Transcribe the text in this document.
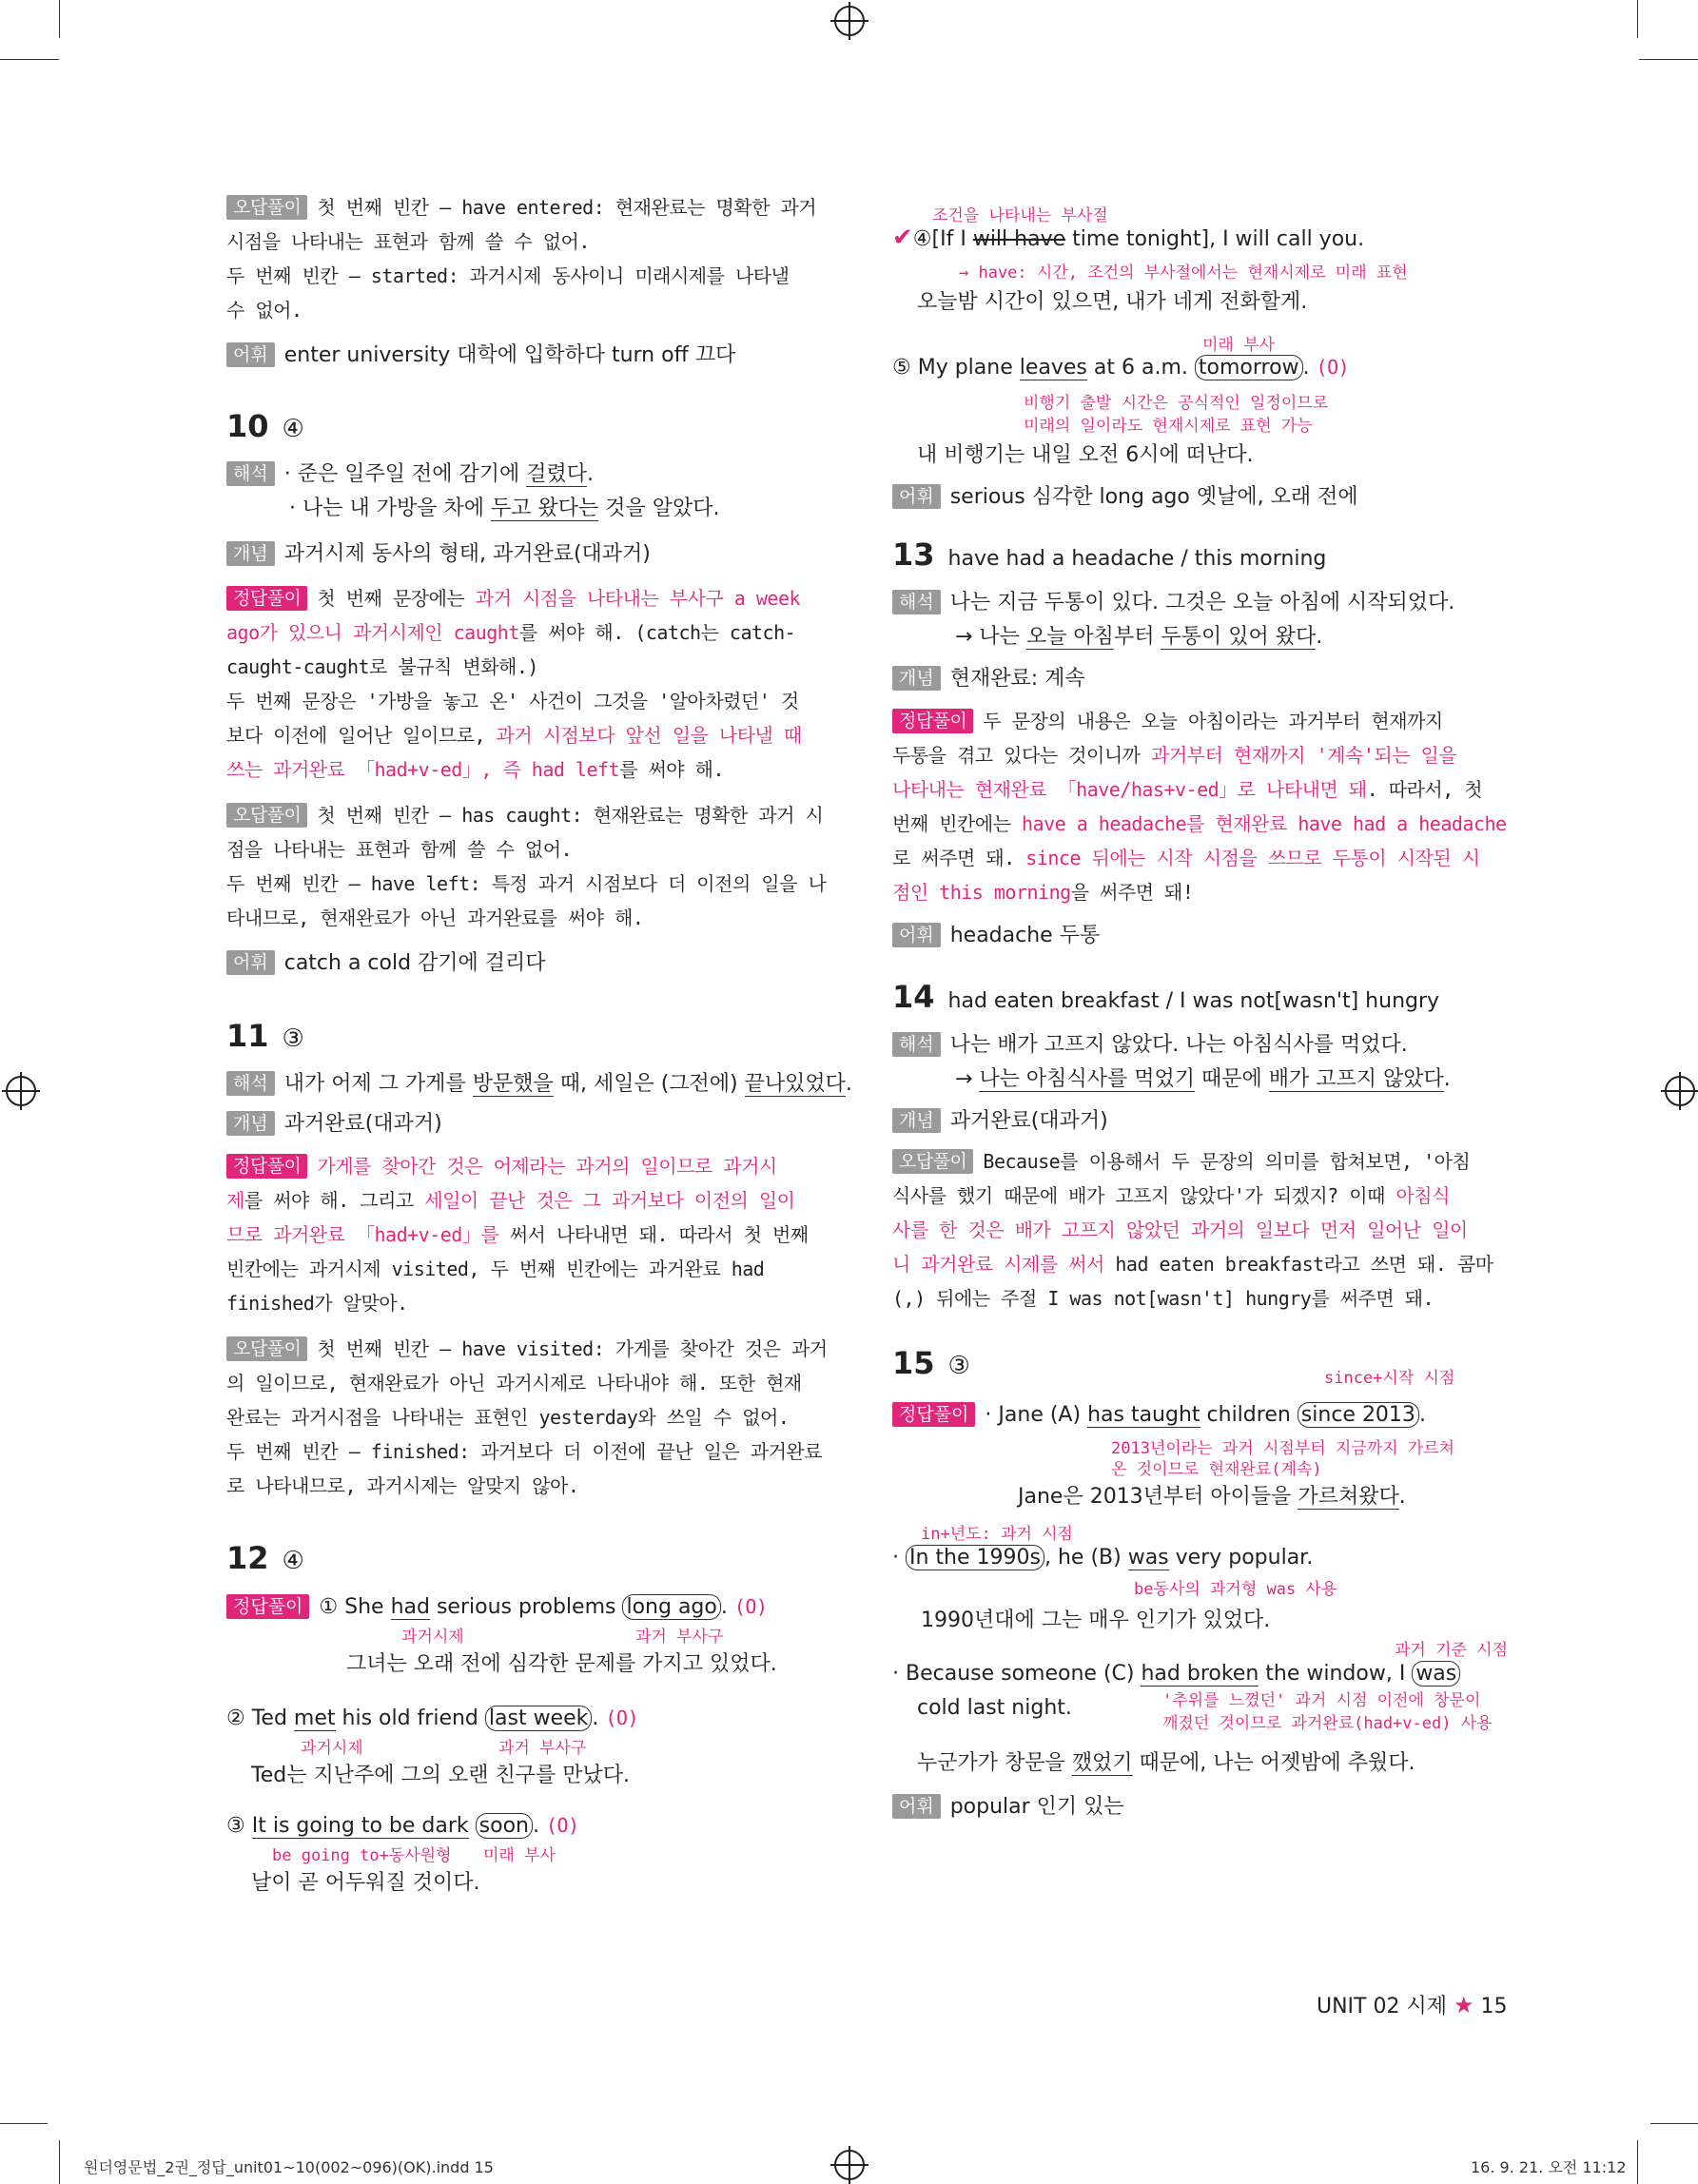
오답풀이 첫 번째 빈칸 – have entered: 현재완료는 명확한 과거
시점을 나타내는 표현과 함께 쓸 수 없어.
두 번째 빈칸 – started: 과거시제 동사이니 미래시제를 나타낼
수 없어.
어휘 enter university 대학에 입학하다 turn off 끄다
10 ④
해석 · 준은 일주일 전에 감기에 걸렸다.
· 나는 내 가방을 차에 두고 왔다는 것을 알았다.
개념 과거시제 동사의 형태, 과거완료(대과거)
정답풀이 첫 번째 문장에는 과거 시점을 나타내는 부사구 a week
ago가 있으니 과거시제인 caught를 써야 해. (catch는 catch-
caught-caught로 불규칙 변화해.)
두 번째 문장은 '가방을 놓고 온' 사건이 그것을 '알아차렸던' 것
보다 이전에 일어난 일이므로, 과거 시점보다 앞선 일을 나타낼 때
쓰는 과거완료 「had+v-ed」, 즉 had left를 써야 해.
오답풀이 첫 번째 빈칸 – has caught: 현재완료는 명확한 과거 시
점을 나타내는 표현과 함께 쓸 수 없어.
두 번째 빈칸 – have left: 특정 과거 시점보다 더 이전의 일을 나
타내므로, 현재완료가 아닌 과거완료를 써야 해.
어휘 catch a cold 감기에 걸리다
11 ③
해석 내가 어제 그 가게를 방문했을 때, 세일은 (그전에) 끝나있었다.
개념 과거완료(대과거)
정답풀이 가게를 찾아간 것은 어제라는 과거의 일이므로 과거시
제를 써야 해. 그리고 세일이 끝난 것은 그 과거보다 이전의 일이
므로 과거완료 「had+v-ed」를 써서 나타내면 돼. 따라서 첫 번째
빈칸에는 과거시제 visited, 두 번째 빈칸에는 과거완료 had
finished가 알맞아.
오답풀이 첫 번째 빈칸 – have visited: 가게를 찾아간 것은 과거
의 일이므로, 현재완료가 아닌 과거시제로 나타내야 해. 또한 현재
완료는 과거시점을 나타내는 표현인 yesterday와 쓰일 수 없어.
두 번째 빈칸 – finished: 과거보다 더 이전에 끝난 일은 과거완료
로 나타내므로, 과거시제는 알맞지 않아.
12 ④
정답풀이 ① She had serious problems long ago . (O)
과거시제	과거 부사구
그녀는 오래 전에 심각한 문제를 가지고 있었다.
② Ted met his old friend last week . (O)
과거시제	과거 부사구
Ted는 지난주에 그의 오랜 친구를 만났다.
③ It is going to be dark soon . (O)
be going to+동사원형 미래 부사
날이 곧 어두워질 것이다.
조건을 나타내는 부사절
✔④[If I will have time tonight], I will call you.
→ have: 시간, 조건의 부사절에서는 현재시제로 미래 표현
오늘밤 시간이 있으면, 내가 네게 전화할게.
미래 부사
⑤ My plane leaves at 6 a.m. tomorrow . (O)
비행기 출발 시간은 공식적인 일정이므로
미래의 일이라도 현재시제로 표현 가능
내 비행기는 내일 오전 6시에 떠난다.
어휘 serious 심각한 long ago 옛날에, 오래 전에
13 have had a headache / this morning
해석 나는 지금 두통이 있다. 그것은 오늘 아침에 시작되었다.
→ 나는 오늘 아침부터 두통이 있어 왔다.
개념 현재완료: 계속
정답풀이 두 문장의 내용은 오늘 아침이라는 과거부터 현재까지
두통을 겪고 있다는 것이니까 과거부터 현재까지 '계속'되는 일을
나타내는 현재완료 「have/has+v-ed」로 나타내면 돼. 따라서, 첫
번째 빈칸에는 have a headache를 현재완료 have had a headache
로 써주면 돼. since 뒤에는 시작 시점을 쓰므로 두통이 시작된 시
점인 this morning을 써주면 돼!
어휘 headache 두통
14 had eaten breakfast / I was not[wasn't] hungry
해석 나는 배가 고프지 않았다. 나는 아침식사를 먹었다.
→ 나는 아침식사를 먹었기 때문에 배가 고프지 않았다.
개념 과거완료(대과거)
오답풀이 Because를 이용해서 두 문장의 의미를 합쳐보면, '아침
식사를 했기 때문에 배가 고프지 않았다'가 되겠지? 이때 아침식
사를 한 것은 배가 고프지 않았던 과거의 일보다 먼저 일어난 일이
니 과거완료 시제를 써서 had eaten breakfast라고 쓰면 돼. 콤마
(,) 뒤에는 주절 I was not[wasn't] hungry를 써주면 돼.
15 ③	since+시작 시점
정답풀이 · Jane (A) has taught children since 2013 .
2013년이라는 과거 시점부터 지금까지 가르쳐
온 것이므로 현재완료(계속)
Jane은 2013년부터 아이들을 가르쳐왔다.
in+년도: 과거 시점
· In the 1990s , he (B) was very popular.
be동사의 과거형 was 사용
1990년대에 그는 매우 인기가 있었다.
과거 기준 시점
· Because someone (C) had broken the window, I was
cold last night.	'추위를 느꼈던' 과거 시점 이전에 창문이
깨졌던 것이므로 과거완료(had+v-ed) 사용
누군가가 창문을 깼었기 때문에, 나는 어젯밤에 추웠다.
어휘 popular 인기 있는
UNIT 02 시제 ★ 15
원더영문법_2권_정답_unit01~10(002~096)(OK).indd 15	16. 9. 21. 오전 11:12
